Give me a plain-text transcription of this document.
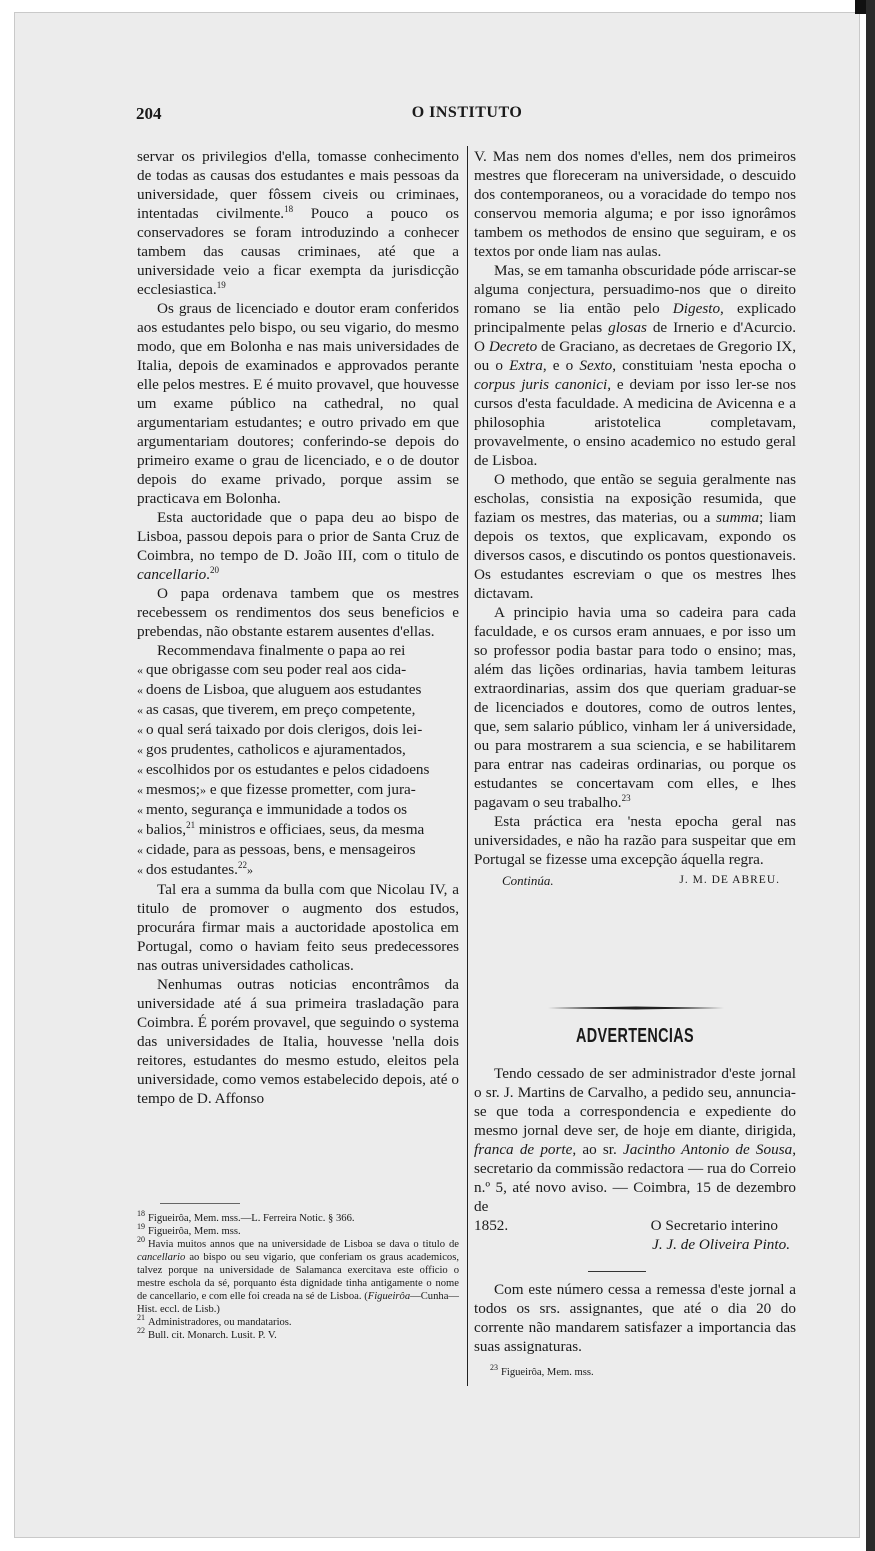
204	O INSTITUTO

servar os privilegios d'ella, tomasse conhecimento de todas as causas dos estudantes e mais pessoas da universidade, quer fôssem civeis ou criminaes, intentadas civilmente.$^{18}$ Pouco a pouco os conservadores se foram introduzindo a conhecer tambem das causas criminaes, até que a universidade veio a ficar exempta da jurisdicção ecclesiastica.$^{19}$

Os graus de licenciado e doutor eram conferidos aos estudantes pelo bispo, ou seu vigario, do mesmo modo, que em Bolonha e nas mais universidades de Italia, depois de examinados e approvados perante elle pelos mestres. E é muito provavel, que houvesse um exame público na cathedral, no qual argumentariam estudantes; e outro privado em que argumentariam doutores; conferindo-se depois do primeiro exame o grau de licenciado, e o de doutor depois do exame privado, porque assim se practicava em Bolonha.

Esta auctoridade que o papa deu ao bispo de Lisboa, passou depois para o prior de Santa Cruz de Coimbra, no tempo de D. João III, com o titulo de cancellario.$^{20}$

O papa ordenava tambem que os mestres recebessem os rendimentos dos seus beneficios e prebendas, não obstante estarem ausentes d'ellas.

Recommendava finalmente o papa ao rei

« que obrigasse com seu poder real aos cida-
« doens de Lisboa, que aluguem aos estudantes
« as casas, que tiverem, em preço competente,
« o qual será taixado por dois clerigos, dois lei-
« gos prudentes, catholicos e ajuramentados,
« escolhidos por os estudantes e pelos cidadoens
« mesmos;» e que fizesse prometter, com jura-
« mento, segurança e immunidade a todos os
« balios,$^{21}$ ministros e officiaes, seus, da mesma
« cidade, para as pessoas, bens, e mensageiros
« dos estudantes.$^{22}$»

Tal era a summa da bulla com que Nicolau IV, a titulo de promover o augmento dos estudos, procurára firmar mais a auctoridade apostolica em Portugal, como o haviam feito seus predecessores nas outras universidades catholicas.

Nenhumas outras noticias encontrâmos da universidade até á sua primeira trasladação para Coimbra. É porém provavel, que seguindo o systema das universidades de Italia, houvesse 'nella dois reitores, estudantes do mesmo estudo, eleitos pela universidade, como vemos estabelecido depois, até o tempo de D. Affonso

$^{18}$ Figueirôa, Mem. mss.—L. Ferreira Notic. § 366.

$^{19}$ Figueirôa, Mem. mss.

$^{20}$ Havia muitos annos que na universidade de Lisboa se dava o titulo de cancellario ao bispo ou seu vigario, que conferiam os graus academicos, talvez porque na universidade de Salamanca exercitava este officio o mestre eschola da sé, porquanto ésta dignidade tinha antigamente o nome de cancellario, e com elle foi creada na sé de Lisboa. (Figueirôa—Cunha—Hist. eccl. de Lisb.)

$^{21}$ Administradores, ou mandatarios.

$^{22}$ Bull. cit. Monarch. Lusit. P. V.

V. Mas nem dos nomes d'elles, nem dos primeiros mestres que floreceram na universidade, o descuido dos contemporaneos, ou a voracidade do tempo nos conservou memoria alguma; e por isso ignorâmos tambem os methodos de ensino que seguiram, e os textos por onde liam nas aulas.

Mas, se em tamanha obscuridade póde arriscar-se alguma conjectura, persuadimo-nos que o direito romano se lia então pelo Digesto, explicado principalmente pelas glosas de Irnerio e d'Acurcio. O Decreto de Graciano, as decretaes de Gregorio IX, ou o Extra, e o Sexto, constituiam 'nesta epocha o corpus juris canonici, e deviam por isso ler-se nos cursos d'esta faculdade. A medicina de Avicenna e a philosophia aristotelica completavam, provavelmente, o ensino academico no estudo geral de Lisboa.

O methodo, que então se seguia geralmente nas escholas, consistia na exposição resumida, que faziam os mestres, das materias, ou a summa; liam depois os textos, que explicavam, expondo os diversos casos, e discutindo os pontos questionaveis. Os estudantes escreviam o que os mestres lhes dictavam.

A principio havia uma so cadeira para cada faculdade, e os cursos eram annuaes, e por isso um so professor podia bastar para todo o ensino; mas, além das lições ordinarias, havia tambem leituras extraordinarias, assim dos que queriam graduar-se de licenciados e doutores, como de outros lentes, que, sem salario público, vinham ler á universidade, ou para mostrarem a sua sciencia, e se habilitarem para entrar nas cadeiras ordinarias, ou porque os estudantes se concertavam com elles, e lhes pagavam o seu trabalho.$^{23}$

Esta práctica era 'nesta epocha geral nas universidades, e não ha razão para suspeitar que em Portugal se fizesse uma excepção áquella regra.

Continúa.	J. M. DE ABREU.
ADVERTENCIAS

Tendo cessado de ser administrador d'este jornal o sr. J. Martins de Carvalho, a pedido seu, annuncia-se que toda a correspondencia e expediente do mesmo jornal deve ser, de hoje em diante, dirigida, franca de porte, ao sr. Jacintho Antonio de Sousa, secretario da commissão redactora — rua do Correio n.º 5, até novo aviso. — Coimbra, 15 de dezembro de

1852.	O Secretario interino
J. J. de Oliveira Pinto.

Com este número cessa a remessa d'este jornal a todos os srs. assignantes, que até o dia 20 do corrente não mandarem satisfazer a importancia das suas assignaturas.

$^{23}$ Figueirôa, Mem. mss.
